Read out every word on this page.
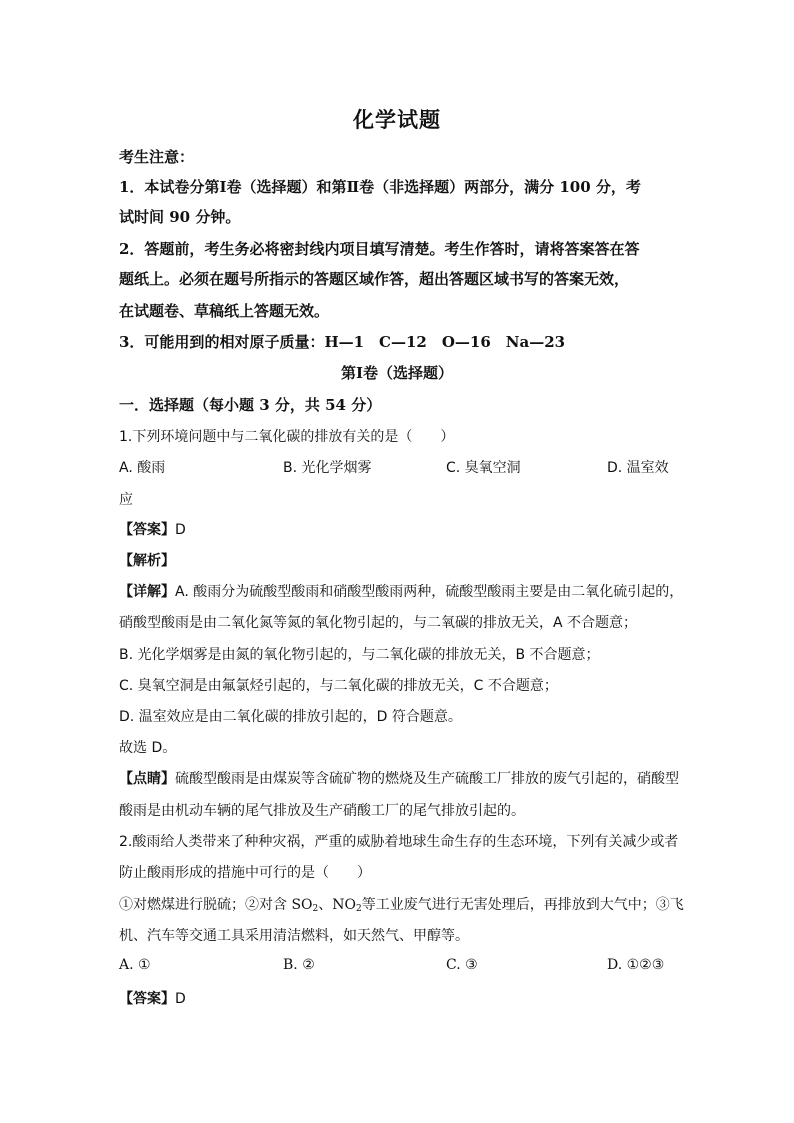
化学试题
考生注意：
1．本试卷分第Ⅰ卷（选择题）和第Ⅱ卷（非选择题）两部分，满分 100 分，考
试时间 90 分钟。
2．答题前，考生务必将密封线内项目填写清楚。考生作答时，请将答案答在答
题纸上。必须在题号所指示的答题区域作答，超出答题区域书写的答案无效，
在试题卷、草稿纸上答题无效。
3．可能用到的相对原子质量：H—1　C—12　O—16　Na—23
第Ⅰ卷（选择题）
一．选择题（每小题 3 分，共 54 分）
1.下列环境问题中与二氧化碳的排放有关的是（　　）
A. 酸雨	B. 光化学烟雾	C. 臭氧空洞	D. 温室效
应
【答案】D
【解析】
【详解】A. 酸雨分为硫酸型酸雨和硝酸型酸雨两种，硫酸型酸雨主要是由二氧化硫引起的，
硝酸型酸雨是由二氧化氮等氮的氧化物引起的，与二氧碳的排放无关，A 不合题意；
B. 光化学烟雾是由氮的氧化物引起的，与二氧化碳的排放无关，B 不合题意；
C. 臭氧空洞是由氟氯烃引起的，与二氧化碳的排放无关，C 不合题意；
D. 温室效应是由二氧化碳的排放引起的，D 符合题意。
故选 D。
【点睛】硫酸型酸雨是由煤炭等含硫矿物的燃烧及生产硫酸工厂排放的废气引起的，硝酸型
酸雨是由机动车辆的尾气排放及生产硝酸工厂的尾气排放引起的。
2.酸雨给人类带来了种种灾祸，严重的威胁着地球生命生存的生态环境，下列有关减少或者
防止酸雨形成的措施中可行的是（　　）
①对燃煤进行脱硫；②对含 $SO_2$、$NO_2$等工业废气进行无害处理后，再排放到大气中；③飞
机、汽车等交通工具采用清洁燃料，如天然气、甲醇等。
A. ①	B. ②	C. ③	D. ①②③
【答案】D
